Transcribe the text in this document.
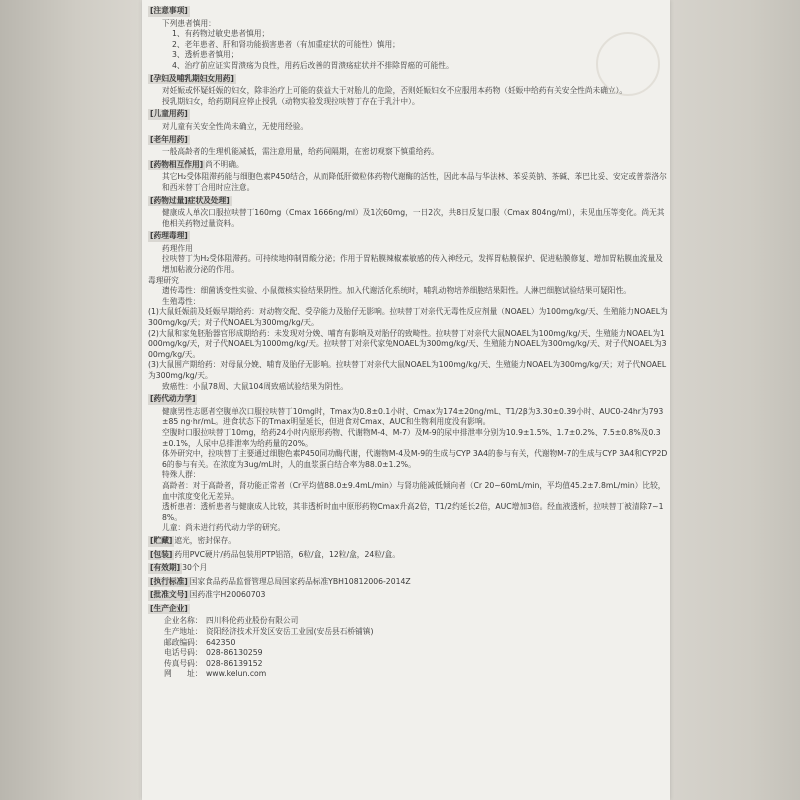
[注意事项]

下列患者慎用：

1、有药物过敏史患者慎用；

2、老年患者、肝和肾功能损害患者（有加重症状的可能性）慎用；

3、透析患者慎用；

4、治疗前应证实胃溃疡为良性，用药后改善的胃溃疡症状并不排除胃癌的可能性。

[孕妇及哺乳期妇女用药]

对妊娠或怀疑妊娠的妇女，除非治疗上可能的获益大于对胎儿的危险，否则妊娠妇女不应服用本药物（妊娠中给药有关安全性尚未确立）。

授乳期妇女，给药期间应停止授乳（动物实验发现拉呋替丁存在于乳汁中）。

[儿童用药]

对儿童有关安全性尚未确立，无使用经验。

[老年用药]

一般高龄者的生理机能减低，需注意用量，给药间隔期，在密切观察下慎重给药。

[药物相互作用] 尚不明确。

其它H₂受体阻滞药能与细胞色素P450结合，从而降低肝微粒体药物代谢酶的活性，因此本品与华法林、苯妥英钠、茶碱、苯巴比妥、安定或普萘洛尔和西米替丁合用时应注意。

[药物过量]症状及处理]

健康成人单次口服拉呋替丁160mg（Cmax 1666ng/ml）及1次60mg，一日2次，共8日反复口服（Cmax 804ng/ml），未见血压等变化。尚无其他相关药物过量资料。

[药理毒理]

药理作用

拉呋替丁为H₂受体阻滞药。可持续地抑制胃酸分泌；作用于胃粘膜辣椒素敏感的传入神经元，发挥胃粘膜保护、促进粘膜修复、增加胃粘膜血流量及增加粘液分泌的作用。

毒理研究

遗传毒性：细菌诱变性实验、小鼠微核实验结果阴性。加入代谢活化系统时，哺乳动物培养细胞结果阳性。人淋巴细胞试验结果可疑阳性。

生殖毒性：

(1)大鼠妊娠前及妊娠早期给药：对动物交配、受孕能力及胎仔无影响。拉呋替丁对亲代无毒性反应剂量（NOAEL）为100mg/kg/天、生殖能力NOAEL为300mg/kg/天；对子代NOAEL为300mg/kg/天。

(2)大鼠和家兔胚胎器官形成期给药：未发现对分娩、哺育有影响及对胎仔的致畸性。拉呋替丁对亲代大鼠NOAEL为100mg/kg/天、生殖能力NOAEL为1000mg/kg/天，对子代NOAEL为1000mg/kg/天。拉呋替丁对亲代家兔NOAEL为300mg/kg/天、生殖能力NOAEL为300mg/kg/天、对子代NOAEL为300mg/kg/天。

(3)大鼠围产期给药：对母鼠分娩、哺育及胎仔无影响。拉呋替丁对亲代大鼠NOAEL为100mg/kg/天、生殖能力NOAEL为300mg/kg/天；对子代NOAEL为300mg/kg/天。

致癌性：小鼠78周、大鼠104周致癌试验结果为阴性。

[药代动力学]

健康男性志愿者空腹单次口服拉呋替丁10mg时，Tmax为0.8±0.1小时、Cmax为174±20ng/mL、T1/2β为3.30±0.39小时、AUC0-24hr为793±85 ng·hr/mL。进食状态下的Tmax明显延长，但进食对Cmax、AUC和生物利用度没有影响。

空腹时口服拉呋替丁10mg，给药24小时内原形药物、代谢物M-4、M-7）及M-9的尿中排泄率分别为10.9±1.5%、1.7±0.2%、7.5±0.8%及0.3±0.1%，人尿中总排泄率为给药量的20%。

体外研究中，拉呋替丁主要通过细胞色素P450同功酶代谢，代谢物M-4及M-9的生成与CYP 3A4的参与有关，代谢物M-7的生成与CYP 3A4和CYP2D6的参与有关。在浓度为3ug/mL时，人的血浆蛋白结合率为88.0±1.2%。

特殊人群：

高龄者：对于高龄者，肾功能正常者（Cr平均值88.0±9.4mL/min）与肾功能减低倾向者（Cr 20~60mL/min，平均值45.2±7.8mL/min）比较，血中浓度变化无差异。

透析患者：透析患者与健康成人比较，其非透析时血中原形药物Cmax升高2倍，T1/2约延长2倍，AUC增加3倍。经血液透析，拉呋替丁被清除7~18%。

儿童：尚未进行药代动力学的研究。

[贮藏] 遮光，密封保存。
[包装] 药用PVC硬片/药品包装用PTP铝箔，6粒/盒，12粒/盒，24粒/盒。
[有效期] 30个月
[执行标准] 国家食品药品监督管理总局国家药品标准YBH10812006-2014Z
[批准文号] 国药准字H20060703
[生产企业]
企业名称： 四川科伦药业股份有限公司
生产地址： 资阳经济技术开发区安岳工业园(安岳县石桥铺镇)
邮政编码： 642350
电话号码： 028-86130259
传真号码： 028-86139152
网　　址： www.kelun.com
